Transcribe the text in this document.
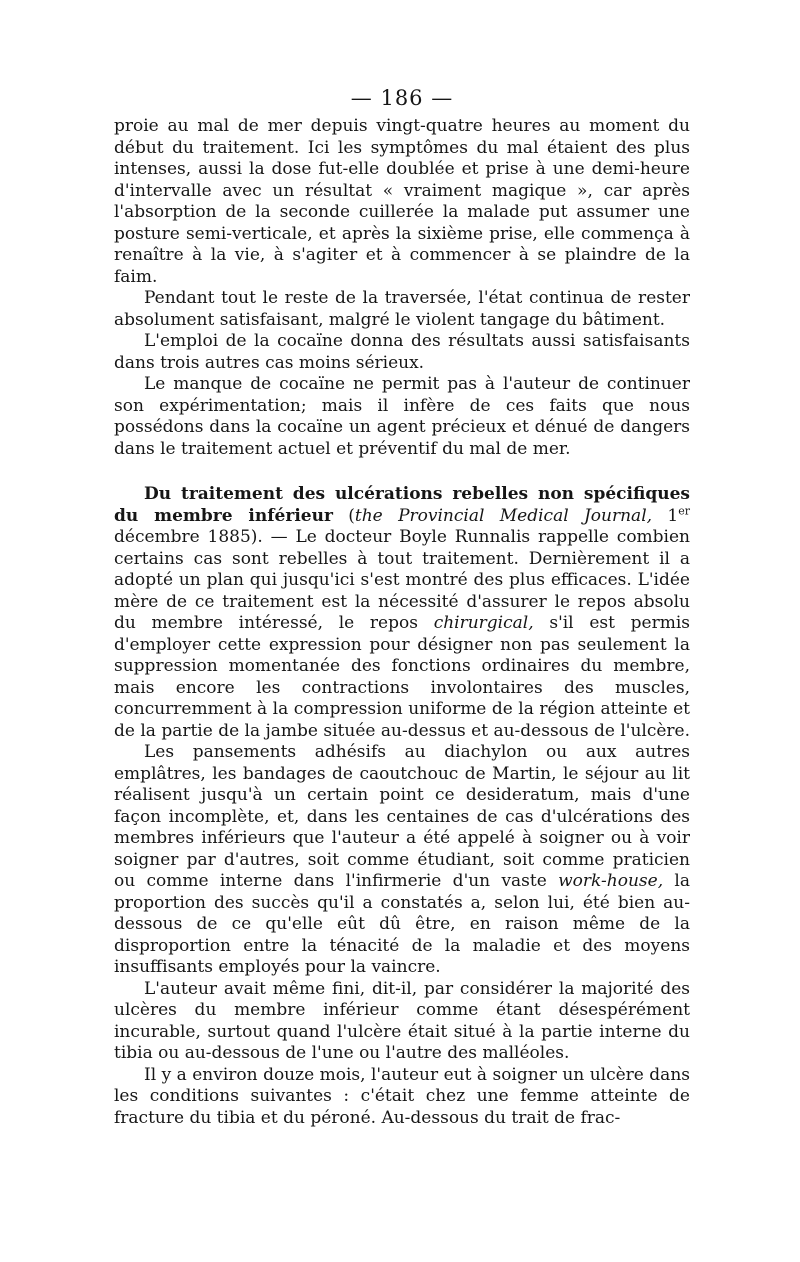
— 186 —

proie au mal de mer depuis vingt-quatre heures au moment du début du traitement. Ici les symptômes du mal étaient des plus intenses, aussi la dose fut-elle doublée et prise à une demi-heure d'intervalle avec un résultat « vraiment magique », car après l'absorption de la seconde cuillerée la malade put assumer une posture semi-verticale, et après la sixième prise, elle commença à renaître à la vie, à s'agiter et à commencer à se plaindre de la faim.

Pendant tout le reste de la traversée, l'état continua de rester absolument satisfaisant, malgré le violent tangage du bâtiment.

L'emploi de la cocaïne donna des résultats aussi satisfaisants dans trois autres cas moins sérieux.

Le manque de cocaïne ne permit pas à l'auteur de continuer son expérimentation; mais il infère de ces faits que nous possédons dans la cocaïne un agent précieux et dénué de dangers dans le traitement actuel et préventif du mal de mer.

Du traitement des ulcérations rebelles non spécifiques du membre inférieur (the Provincial Medical Journal, 1er décembre 1885). — Le docteur Boyle Runnalis rappelle combien certains cas sont rebelles à tout traitement. Dernièrement il a adopté un plan qui jusqu'ici s'est montré des plus efficaces. L'idée mère de ce traitement est la nécessité d'assurer le repos absolu du membre intéressé, le repos chirurgical, s'il est permis d'employer cette expression pour désigner non pas seulement la suppression momentanée des fonctions ordinaires du membre, mais encore les contractions involontaires des muscles, concurremment à la compression uniforme de la région atteinte et de la partie de la jambe située au-dessus et au-dessous de l'ulcère.

Les pansements adhésifs au diachylon ou aux autres emplâtres, les bandages de caoutchouc de Martin, le séjour au lit réalisent jusqu'à un certain point ce desideratum, mais d'une façon incomplète, et, dans les centaines de cas d'ulcérations des membres inférieurs que l'auteur a été appelé à soigner ou à voir soigner par d'autres, soit comme étudiant, soit comme praticien ou comme interne dans l'infirmerie d'un vaste work-house, la proportion des succès qu'il a constatés a, selon lui, été bien au-dessous de ce qu'elle eût dû être, en raison même de la disproportion entre la ténacité de la maladie et des moyens insuffisants employés pour la vaincre.

L'auteur avait même fini, dit-il, par considérer la majorité des ulcères du membre inférieur comme étant désespérément incurable, surtout quand l'ulcère était situé à la partie interne du tibia ou au-dessous de l'une ou l'autre des malléoles.

Il y a environ douze mois, l'auteur eut à soigner un ulcère dans les conditions suivantes : c'était chez une femme atteinte de fracture du tibia et du péroné. Au-dessous du trait de frac-
